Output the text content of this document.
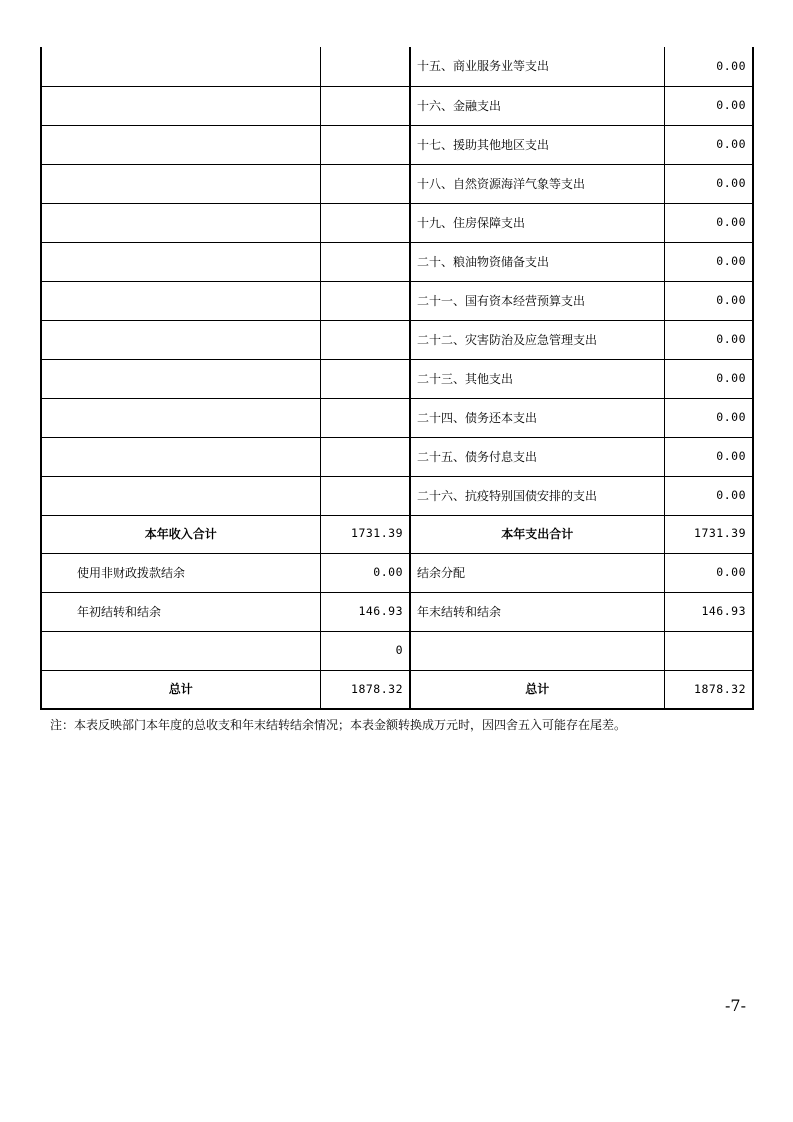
		十五、商业服务业等支出	0.00
		十六、金融支出	0.00
		十七、援助其他地区支出	0.00
		十八、自然资源海洋气象等支出	0.00
		十九、住房保障支出	0.00
		二十、粮油物资储备支出	0.00
		二十一、国有资本经营预算支出	0.00
		二十二、灾害防治及应急管理支出	0.00
		二十三、其他支出	0.00
		二十四、债务还本支出	0.00
		二十五、债务付息支出	0.00
		二十六、抗疫特别国债安排的支出	0.00
本年收入合计	1731.39	本年支出合计	1731.39
使用非财政拨款结余	0.00	结余分配	0.00
年初结转和结余	146.93	年末结转和结余	146.93
	0		
总计	1878.32	总计	1878.32
注：本表反映部门本年度的总收支和年末结转结余情况；本表金额转换成万元时，因四舍五入可能存在尾差。
-7-
